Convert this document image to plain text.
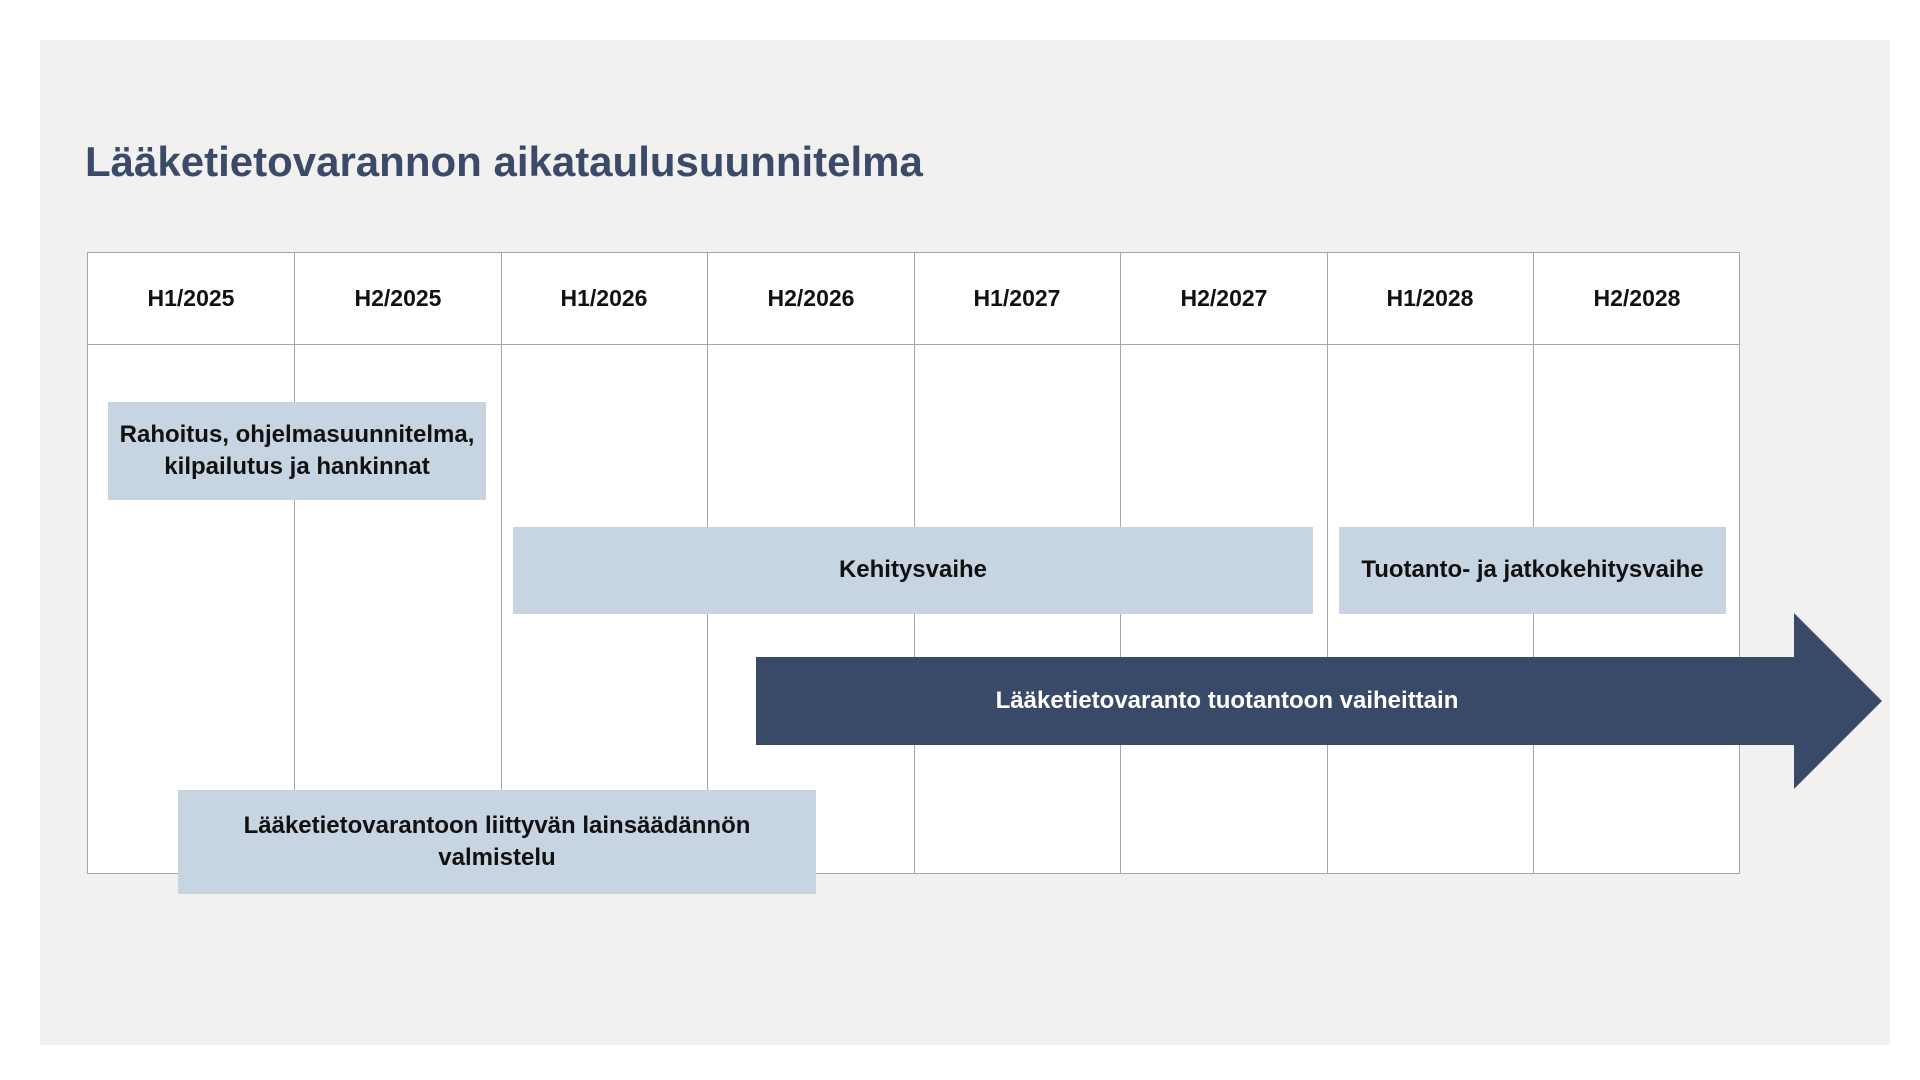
Lääketietovarannon aikataulusuunnitelma
H1/2025	H2/2025	H1/2026	H2/2026	H1/2027	H2/2027	H1/2028	H2/2028
Rahoitus, ohjelmasuunnitelma,
kilpailutus ja hankinnat
Kehitysvaihe	Tuotanto- ja jatkokehitysvaihe
Lääketietovarantoon liittyvän lainsäädännön
valmistelu
Lääketietovaranto tuotantoon vaiheittain
